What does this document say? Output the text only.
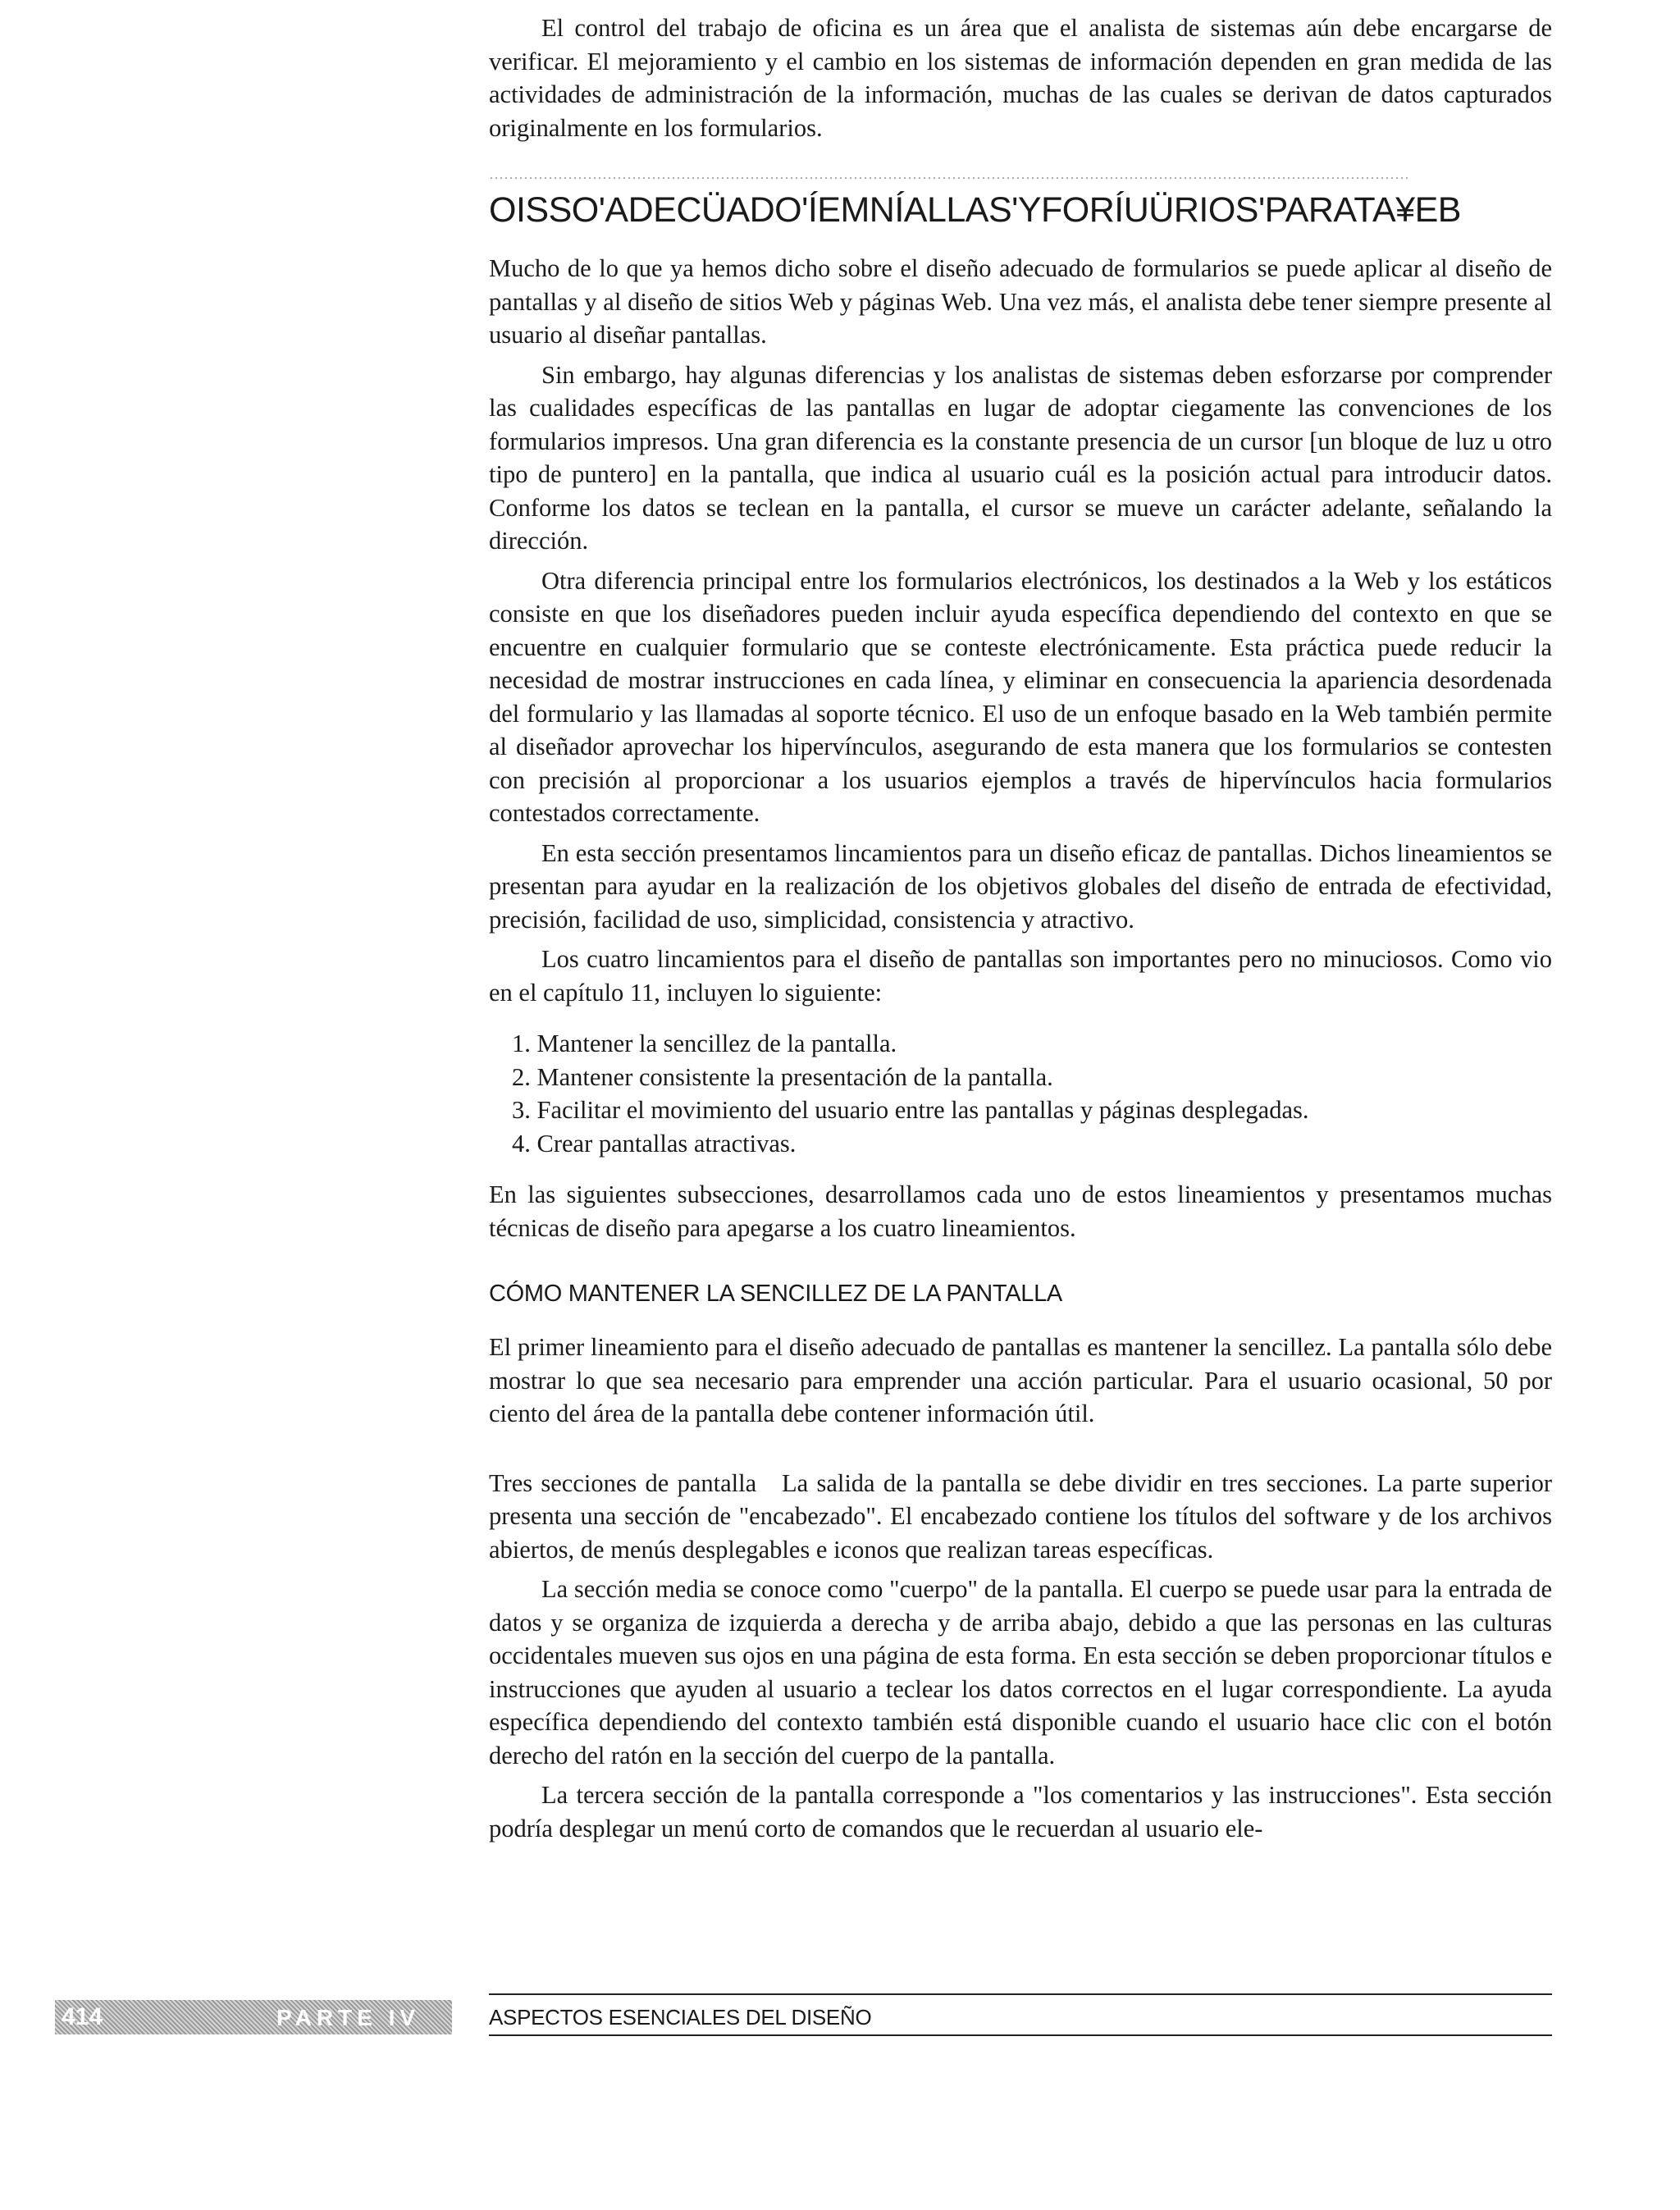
El control del trabajo de oficina es un área que el analista de sistemas aún debe encargarse de verificar. El mejoramiento y el cambio en los sistemas de información dependen en gran medida de las actividades de administración de la información, muchas de las cuales se derivan de datos capturados originalmente en los formularios.

OISSO'ADECÜADO'ÍEMNÍALLAS'YFORÍUÜRIOS'PARATA¥EB

Mucho de lo que ya hemos dicho sobre el diseño adecuado de formularios se puede aplicar al diseño de pantallas y al diseño de sitios Web y páginas Web. Una vez más, el analista debe tener siempre presente al usuario al diseñar pantallas.

Sin embargo, hay algunas diferencias y los analistas de sistemas deben esforzarse por comprender las cualidades específicas de las pantallas en lugar de adoptar ciegamente las convenciones de los formularios impresos. Una gran diferencia es la constante presencia de un cursor [un bloque de luz u otro tipo de puntero] en la pantalla, que indica al usuario cuál es la posición actual para introducir datos. Conforme los datos se teclean en la pantalla, el cursor se mueve un carácter adelante, señalando la dirección.

Otra diferencia principal entre los formularios electrónicos, los destinados a la Web y los estáticos consiste en que los diseñadores pueden incluir ayuda específica dependiendo del contexto en que se encuentre en cualquier formulario que se conteste electrónicamente. Esta práctica puede reducir la necesidad de mostrar instrucciones en cada línea, y eliminar en consecuencia la apariencia desordenada del formulario y las llamadas al soporte técnico. El uso de un enfoque basado en la Web también permite al diseñador aprovechar los hipervínculos, asegurando de esta manera que los formularios se contesten con precisión al proporcionar a los usuarios ejemplos a través de hipervínculos hacia formularios contestados correctamente.

En esta sección presentamos lincamientos para un diseño eficaz de pantallas. Dichos lineamientos se presentan para ayudar en la realización de los objetivos globales del diseño de entrada de efectividad, precisión, facilidad de uso, simplicidad, consistencia y atractivo.

Los cuatro lincamientos para el diseño de pantallas son importantes pero no minuciosos. Como vio en el capítulo 11, incluyen lo siguiente:

1. Mantener la sencillez de la pantalla.
2. Mantener consistente la presentación de la pantalla.
3. Facilitar el movimiento del usuario entre las pantallas y páginas desplegadas.
4. Crear pantallas atractivas.

En las siguientes subsecciones, desarrollamos cada uno de estos lineamientos y presentamos muchas técnicas de diseño para apegarse a los cuatro lineamientos.

CÓMO MANTENER LA SENCILLEZ DE LA PANTALLA

El primer lineamiento para el diseño adecuado de pantallas es mantener la sencillez. La pantalla sólo debe mostrar lo que sea necesario para emprender una acción particular. Para el usuario ocasional, 50 por ciento del área de la pantalla debe contener información útil.

Tres secciones de pantalla La salida de la pantalla se debe dividir en tres secciones. La parte superior presenta una sección de "encabezado". El encabezado contiene los títulos del software y de los archivos abiertos, de menús desplegables e iconos que realizan tareas específicas.

La sección media se conoce como "cuerpo" de la pantalla. El cuerpo se puede usar para la entrada de datos y se organiza de izquierda a derecha y de arriba abajo, debido a que las personas en las culturas occidentales mueven sus ojos en una página de esta forma. En esta sección se deben proporcionar títulos e instrucciones que ayuden al usuario a teclear los datos correctos en el lugar correspondiente. La ayuda específica dependiendo del contexto también está disponible cuando el usuario hace clic con el botón derecho del ratón en la sección del cuerpo de la pantalla.

La tercera sección de la pantalla corresponde a "los comentarios y las instrucciones". Esta sección podría desplegar un menú corto de comandos que le recuerdan al usuario ele-

414	PARTE IV	ASPECTOS ESENCIALES DEL DISEÑO
